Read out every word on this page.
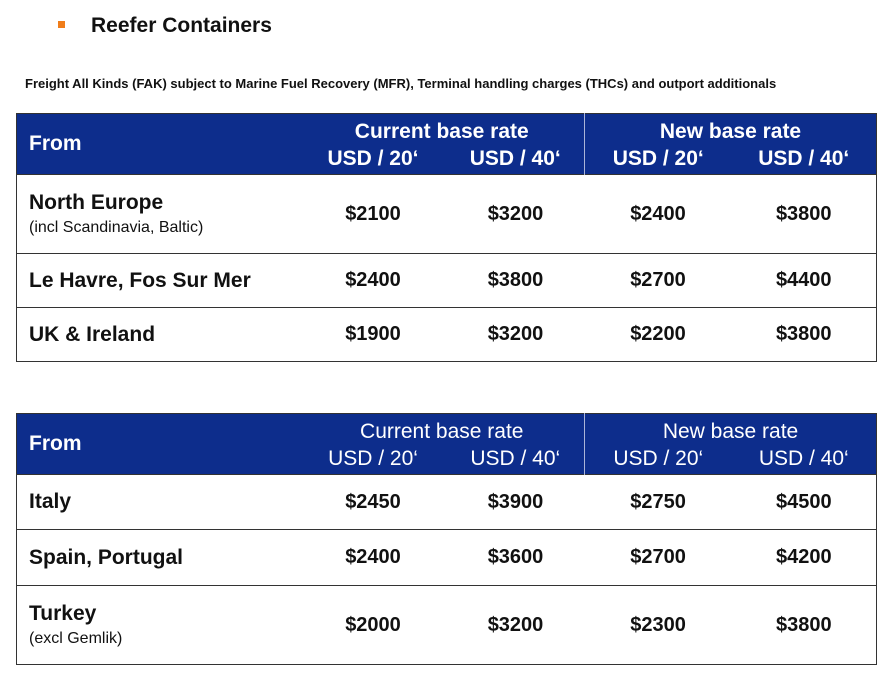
Reefer Containers
Freight All Kinds (FAK) subject to Marine Fuel Recovery (MFR), Terminal handling charges (THCs) and outport additionals
From	Current base rate		New base rate	
	USD / 20‘	USD / 40‘	USD / 20‘	USD / 40‘

North Europe
(incl Scandinavia, Baltic)	$2100	$3200	$2400	$3800

Le Havre, Fos Sur Mer	$2400	$3800	$2700	$4400

UK & Ireland	$1900	$3200	$2200	$3800
From	Current base rate		New base rate	
	USD / 20‘	USD / 40‘	USD / 20‘	USD / 40‘

Italy	$2450	$3900	$2750	$4500

Spain, Portugal	$2400	$3600	$2700	$4200

Turkey
(excl Gemlik)	$2000	$3200	$2300	$3800
